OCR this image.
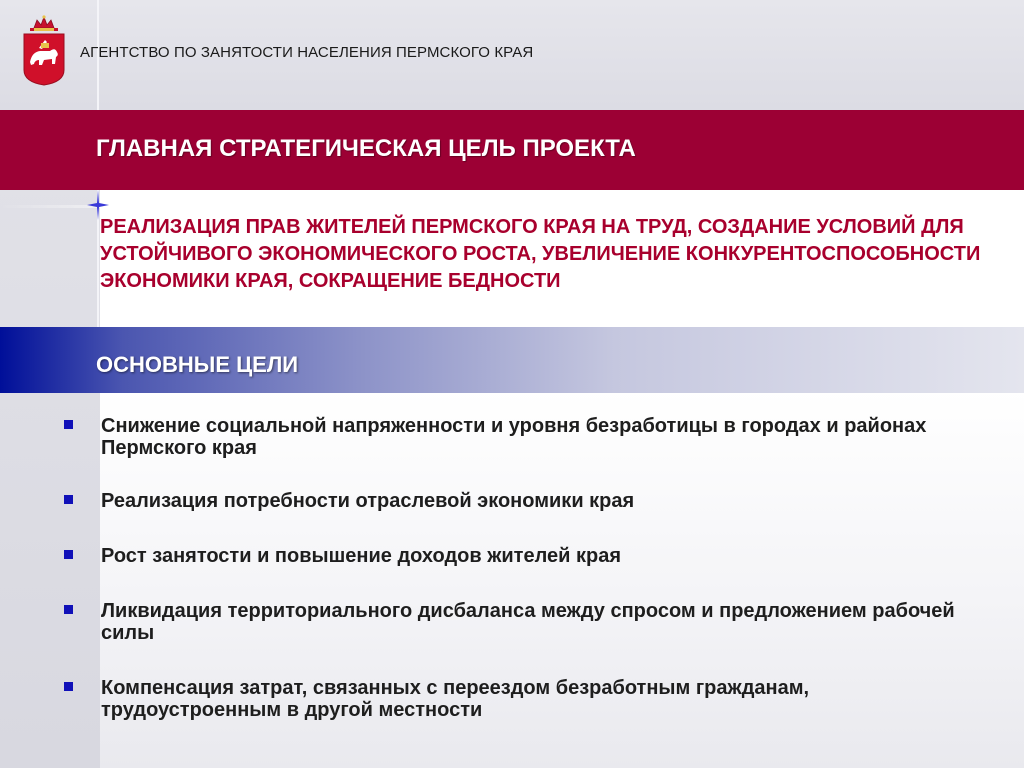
АГЕНТСТВО ПО ЗАНЯТОСТИ НАСЕЛЕНИЯ ПЕРМСКОГО КРАЯ
ГЛАВНАЯ СТРАТЕГИЧЕСКАЯ ЦЕЛЬ ПРОЕКТА
РЕАЛИЗАЦИЯ ПРАВ ЖИТЕЛЕЙ ПЕРМСКОГО КРАЯ НА ТРУД, СОЗДАНИЕ УСЛОВИЙ ДЛЯ УСТОЙЧИВОГО ЭКОНОМИЧЕСКОГО РОСТА, УВЕЛИЧЕНИЕ КОНКУРЕНТОСПОСОБНОСТИ ЭКОНОМИКИ КРАЯ, СОКРАЩЕНИЕ БЕДНОСТИ
ОСНОВНЫЕ ЦЕЛИ
Снижение социальной напряженности и уровня безработицы в городах и районах Пермского края
Реализация потребности отраслевой экономики края
Рост занятости и повышение доходов жителей края
Ликвидация территориального дисбаланса между спросом и предложением рабочей силы
Компенсация затрат, связанных с переездом безработным гражданам, трудоустроенным в другой местности
